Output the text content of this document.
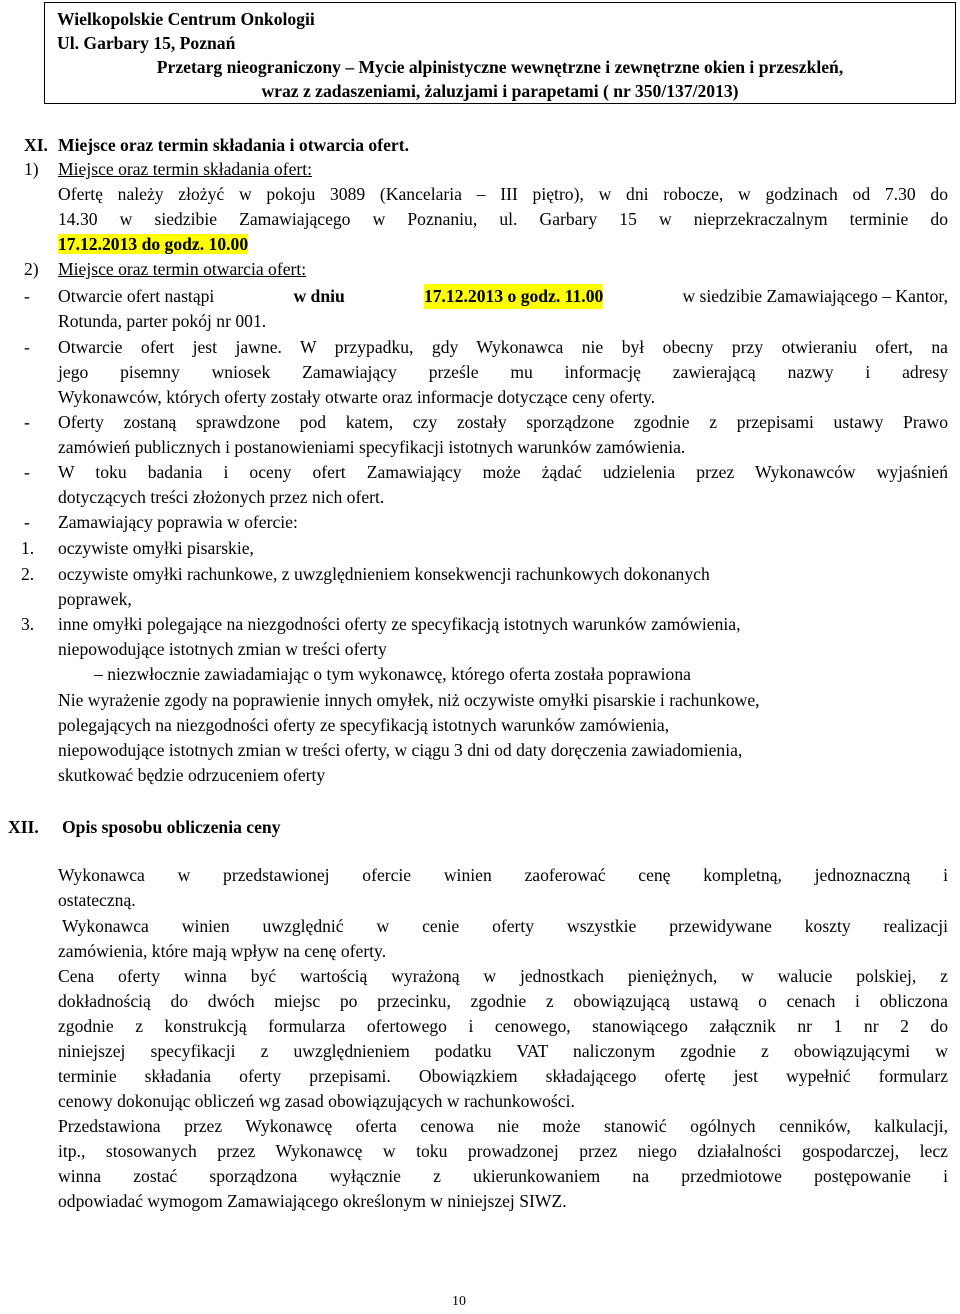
Wielkopolskie Centrum Onkologii
Ul. Garbary 15, Poznań
Przetarg nieograniczony – Mycie alpinistyczne wewnętrzne i zewnętrzne okien i przeszkleń,
wraz z zadaszeniami, żaluzjami i parapetami ( nr 350/137/2013)
XI. Miejsce oraz termin składania i otwarcia ofert.
1) Miejsce oraz termin składania ofert:
Ofertę należy złożyć w pokoju 3089 (Kancelaria – III piętro), w dni robocze, w godzinach od 7.30 do
14.30 w siedzibie Zamawiającego w Poznaniu, ul. Garbary 15 w nieprzekraczalnym terminie do
17.12.2013 do godz. 10.00
2) Miejsce oraz termin otwarcia ofert:
- Otwarcie ofert nastąpi	w dniu	17.12.2013 o godz. 11.00	w siedzibie Zamawiającego – Kantor,
Rotunda, parter pokój nr 001.
- Otwarcie ofert jest jawne. W przypadku, gdy Wykonawca nie był obecny przy otwieraniu ofert, na
jego pisemny wniosek Zamawiający prześle mu informację zawierającą nazwy i adresy
Wykonawców, których oferty zostały otwarte oraz informacje dotyczące ceny oferty.
- Oferty zostaną sprawdzone pod katem, czy zostały sporządzone zgodnie z przepisami ustawy Prawo
zamówień publicznych i postanowieniami specyfikacji istotnych warunków zamówienia.
- W toku badania i oceny ofert Zamawiający może żądać udzielenia przez Wykonawców wyjaśnień
dotyczących treści złożonych przez nich ofert.
- Zamawiający poprawia w ofercie:
1. oczywiste omyłki pisarskie,
2. oczywiste omyłki rachunkowe, z uwzględnieniem konsekwencji rachunkowych dokonanych
poprawek,
3. inne omyłki polegające na niezgodności oferty ze specyfikacją istotnych warunków zamówienia,
niepowodujące istotnych zmian w treści oferty
– niezwłocznie zawiadamiając o tym wykonawcę, którego oferta została poprawiona
Nie wyrażenie zgody na poprawienie innych omyłek, niż oczywiste omyłki pisarskie i rachunkowe,
polegających na niezgodności oferty ze specyfikacją istotnych warunków zamówienia,
niepowodujące istotnych zmian w treści oferty, w ciągu 3 dni od daty doręczenia zawiadomienia,
skutkować będzie odrzuceniem oferty
XII. Opis sposobu obliczenia ceny
Wykonawca w przedstawionej ofercie winien zaoferować cenę kompletną, jednoznaczną i
ostateczną.
Wykonawca winien uwzględnić w cenie oferty wszystkie przewidywane koszty realizacji
zamówienia, które mają wpływ na cenę oferty.
Cena oferty winna być wartością wyrażoną w jednostkach pieniężnych, w walucie polskiej, z
dokładnością do dwóch miejsc po przecinku, zgodnie z obowiązującą ustawą o cenach i obliczona
zgodnie z konstrukcją formularza ofertowego i cenowego, stanowiącego załącznik nr 1 nr 2 do
niniejszej specyfikacji z uwzględnieniem podatku VAT naliczonym zgodnie z obowiązującymi w
terminie składania oferty przepisami. Obowiązkiem składającego ofertę jest wypełnić formularz
cenowy dokonując obliczeń wg zasad obowiązujących w rachunkowości.
Przedstawiona przez Wykonawcę oferta cenowa nie może stanowić ogólnych cenników, kalkulacji,
itp., stosowanych przez Wykonawcę w toku prowadzonej przez niego działalności gospodarczej, lecz
winna zostać sporządzona wyłącznie z ukierunkowaniem na przedmiotowe postępowanie i
odpowiadać wymogom Zamawiającego określonym w niniejszej SIWZ.
10
